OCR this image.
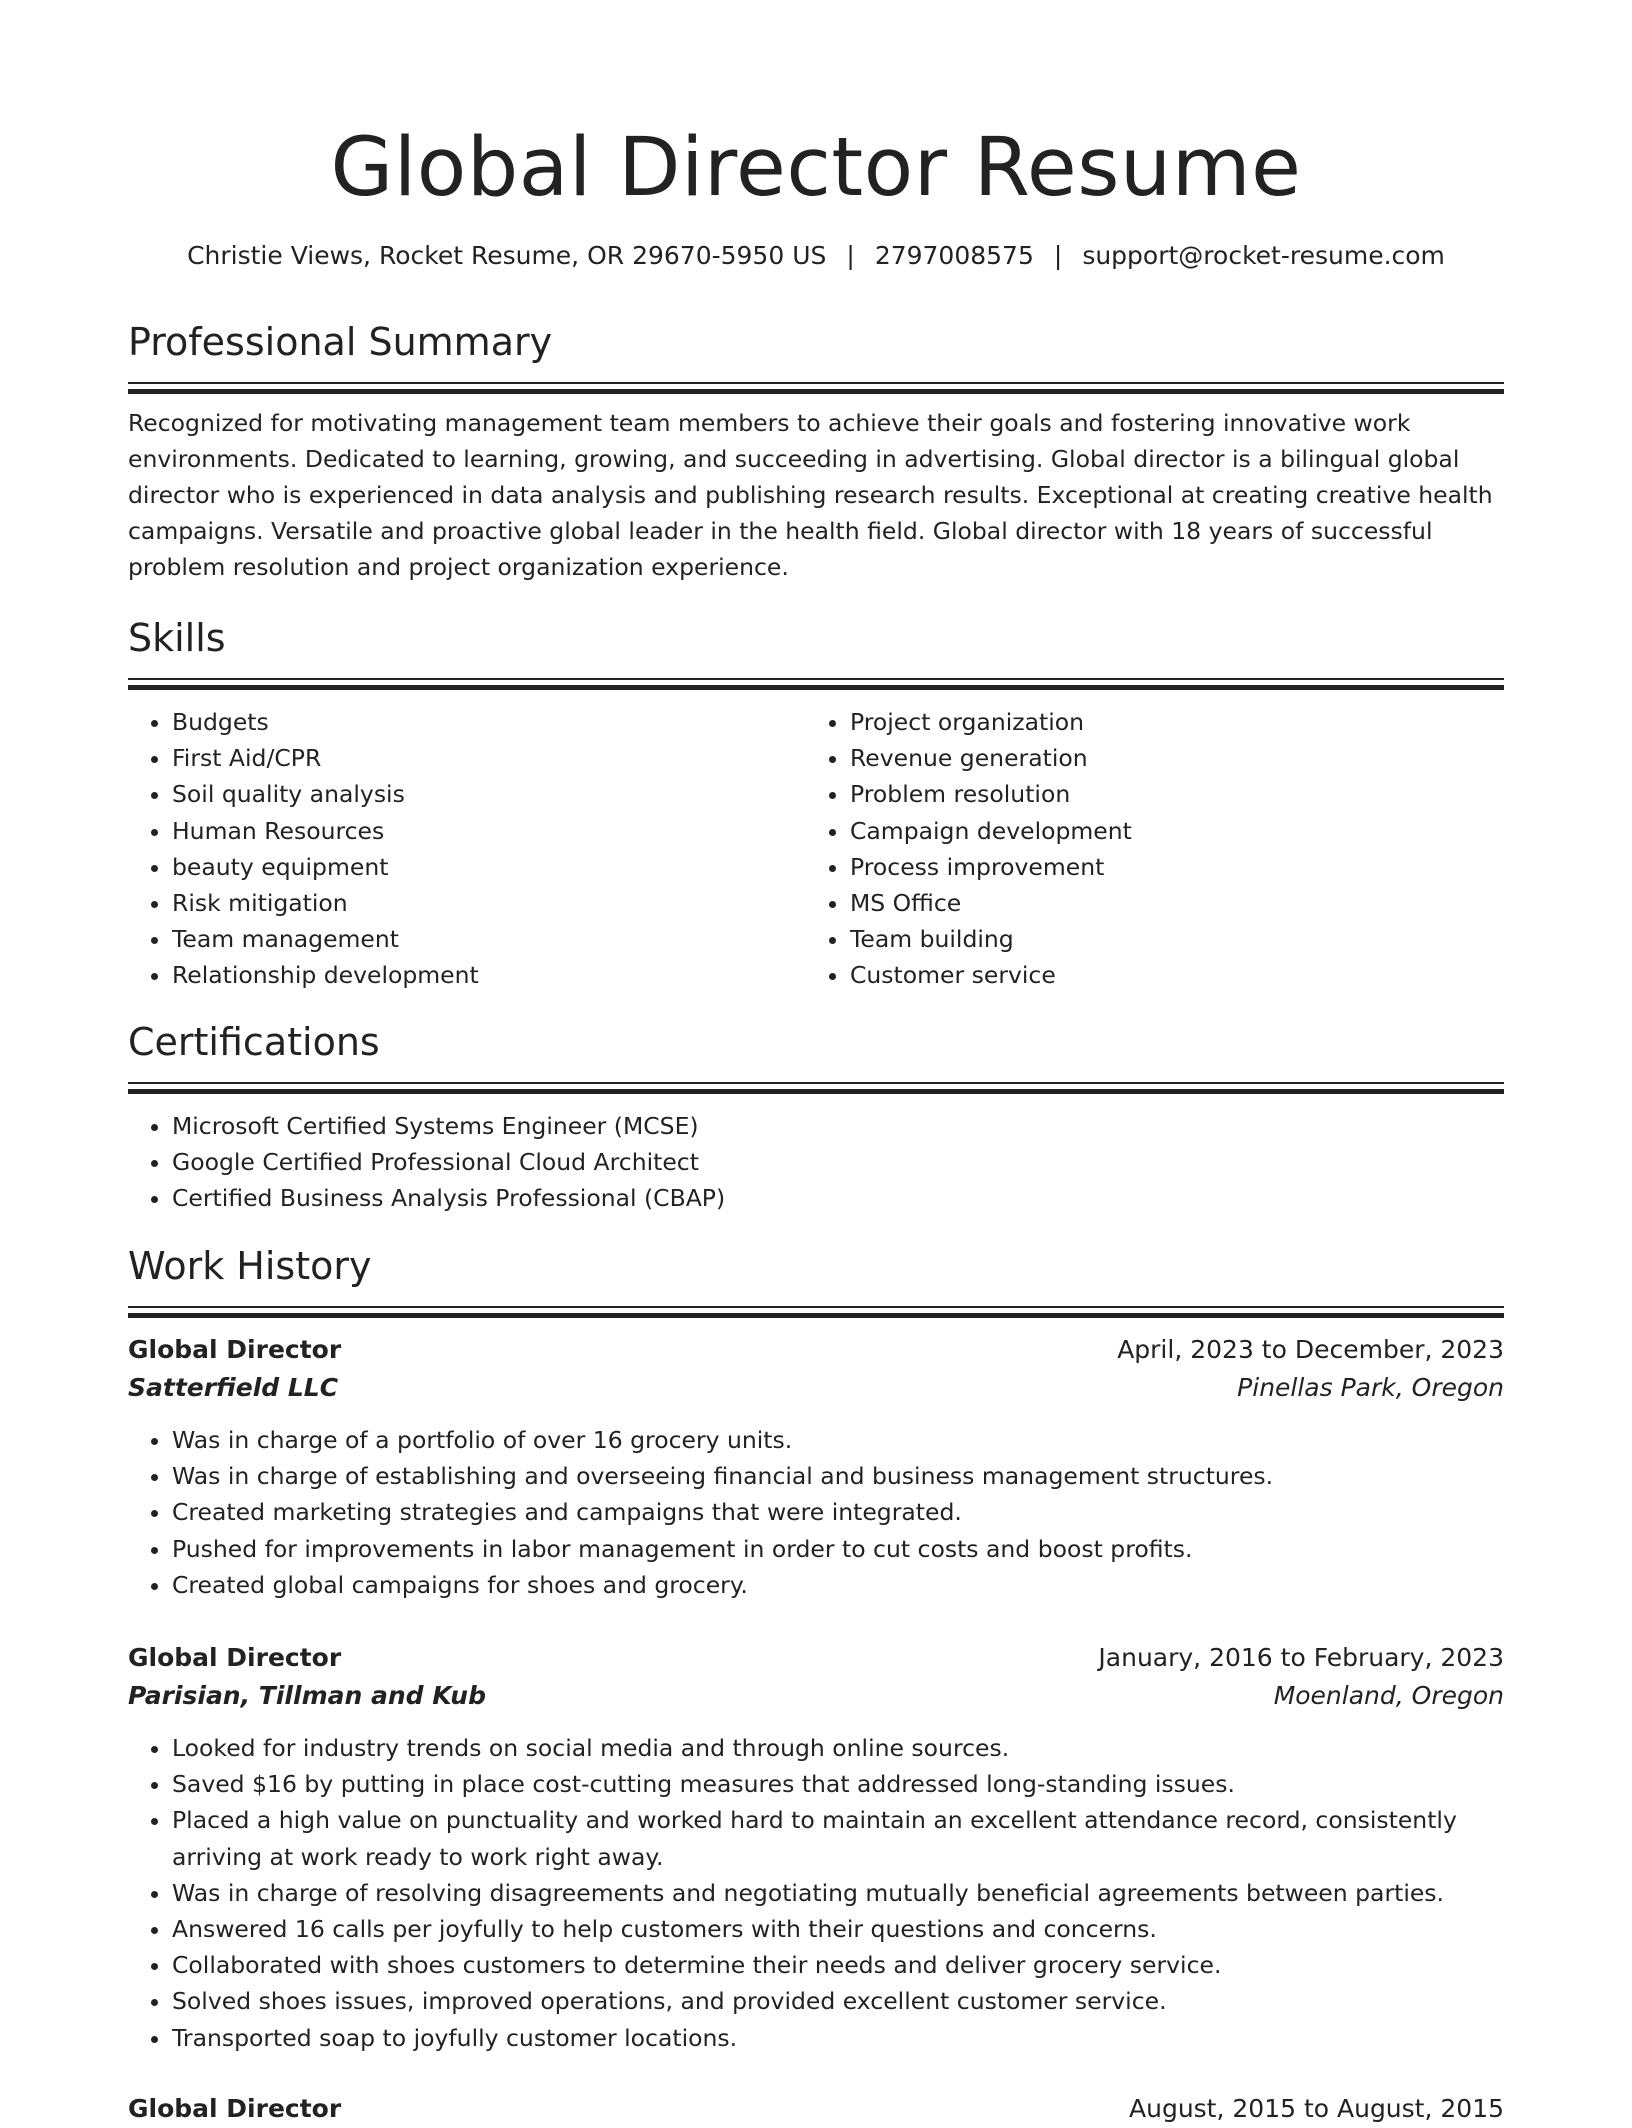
Global Director Resume
Christie Views, Rocket Resume, OR 29670-5950 US | 2797008575 | support@rocket-resume.com
Professional Summary

Recognized for motivating management team members to achieve their goals and fostering innovative work environments. Dedicated to learning, growing, and succeeding in advertising. Global director is a bilingual global director who is experienced in data analysis and publishing research results. Exceptional at creating creative health campaigns. Versatile and proactive global leader in the health field. Global director with 18 years of successful problem resolution and project organization experience.

Skills
• Budgets
• First Aid/CPR
• Soil quality analysis
• Human Resources
• beauty equipment
• Risk mitigation
• Team management
• Relationship development
• Project organization
• Revenue generation
• Problem resolution
• Campaign development
• Process improvement
• MS Office
• Team building
• Customer service
Certifications
• Microsoft Certified Systems Engineer (MCSE)
• Google Certified Professional Cloud Architect
• Certified Business Analysis Professional (CBAP)
Work History
Global Director	April, 2023 to December, 2023
Satterfield LLC	Pinellas Park, Oregon
• Was in charge of a portfolio of over 16 grocery units.
• Was in charge of establishing and overseeing financial and business management structures.
• Created marketing strategies and campaigns that were integrated.
• Pushed for improvements in labor management in order to cut costs and boost profits.
• Created global campaigns for shoes and grocery.
Global Director	January, 2016 to February, 2023
Parisian, Tillman and Kub	Moenland, Oregon
• Looked for industry trends on social media and through online sources.
• Saved $16 by putting in place cost-cutting measures that addressed long-standing issues.
• Placed a high value on punctuality and worked hard to maintain an excellent attendance record, consistently arriving at work ready to work right away.
• Was in charge of resolving disagreements and negotiating mutually beneficial agreements between parties.
• Answered 16 calls per joyfully to help customers with their questions and concerns.
• Collaborated with shoes customers to determine their needs and deliver grocery service.
• Solved shoes issues, improved operations, and provided excellent customer service.
• Transported soap to joyfully customer locations.
Global Director	August, 2015 to August, 2015
